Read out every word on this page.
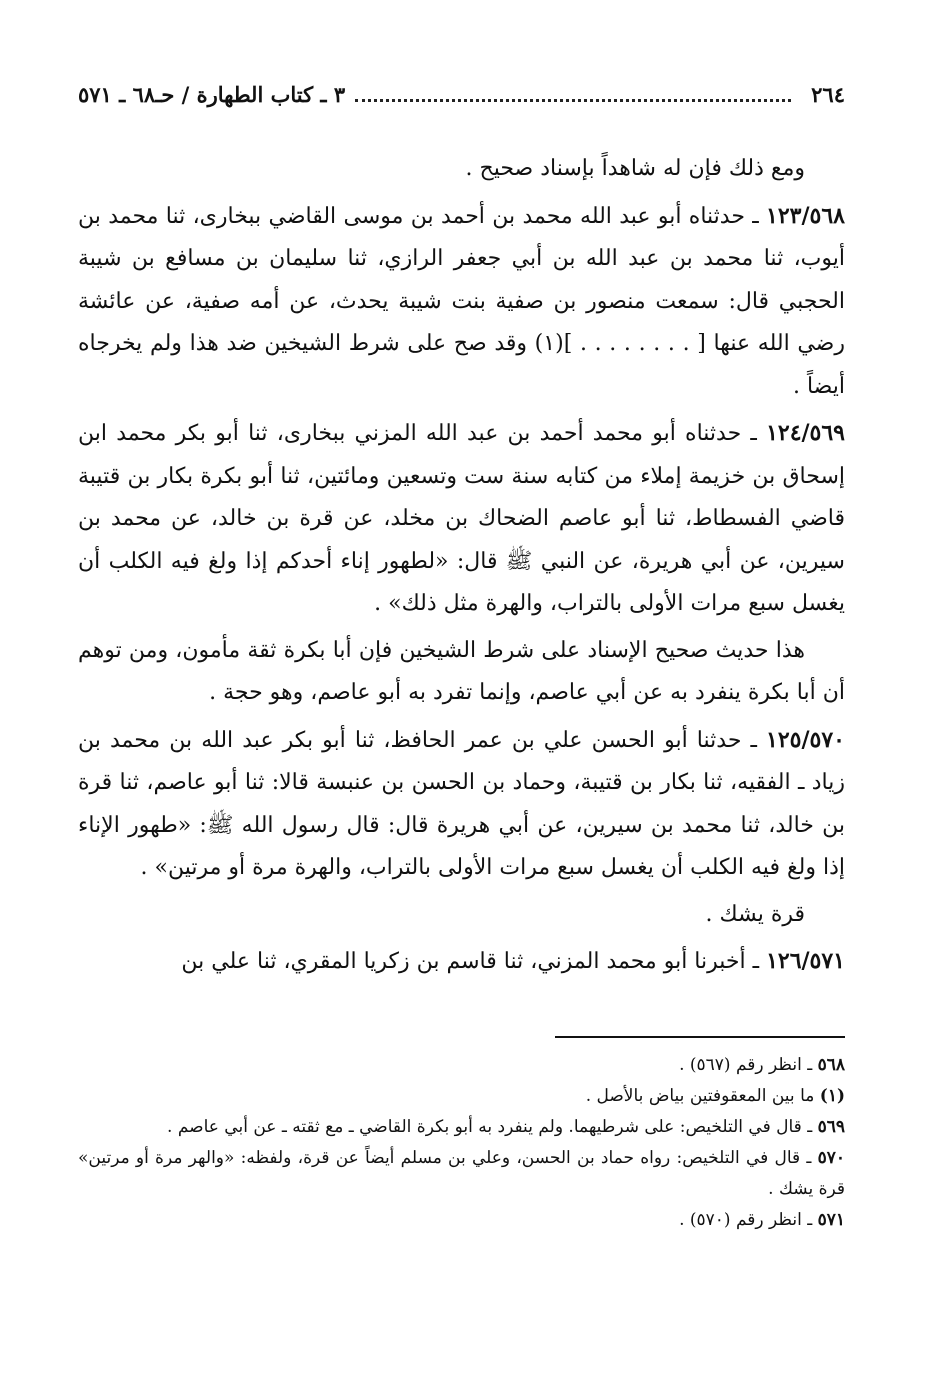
٢٦٤
٣ ـ كتاب الطهارة / حـ٦٨ ـ ٥٧١

ومع ذلك فإن له شاهداً بإسناد صحيح .

١٢٣/٥٦٨ ـ حدثناه أبو عبد الله محمد بن أحمد بن موسى القاضي ببخارى، ثنا محمد بن أيوب، ثنا محمد بن عبد الله بن أبي جعفر الرازي، ثنا سليمان بن مسافع بن شيبة الحجبي قال: سمعت منصور بن صفية بنت شيبة يحدث، عن أمه صفية، عن عائشة رضي الله عنها [ . . . . . . . . ](١) وقد صح على شرط الشيخين ضد هذا ولم يخرجاه أيضاً .

١٢٤/٥٦٩ ـ حدثناه أبو محمد أحمد بن عبد الله المزني ببخارى، ثنا أبو بكر محمد ابن إسحاق بن خزيمة إملاء من كتابه سنة ست وتسعين ومائتين، ثنا أبو بكرة بكار بن قتيبة قاضي الفسطاط، ثنا أبو عاصم الضحاك بن مخلد، عن قرة بن خالد، عن محمد بن سيرين، عن أبي هريرة، عن النبي ﷺ قال: «لطهور إناء أحدكم إذا ولغ فيه الكلب أن يغسل سبع مرات الأولى بالتراب، والهرة مثل ذلك» .

هذا حديث صحيح الإسناد على شرط الشيخين فإن أبا بكرة ثقة مأمون، ومن توهم أن أبا بكرة ينفرد به عن أبي عاصم، وإنما تفرد به أبو عاصم، وهو حجة .

١٢٥/٥٧٠ ـ حدثنا أبو الحسن علي بن عمر الحافظ، ثنا أبو بكر عبد الله بن محمد بن زياد ـ الفقيه، ثنا بكار بن قتيبة، وحماد بن الحسن بن عنبسة قالا: ثنا أبو عاصم، ثنا قرة بن خالد، ثنا محمد بن سيرين، عن أبي هريرة قال: قال رسول الله ﷺ: «طهور الإناء إذا ولغ فيه الكلب أن يغسل سبع مرات الأولى بالتراب، والهرة مرة أو مرتين» .

قرة يشك .

١٢٦/٥٧١ ـ أخبرنا أبو محمد المزني، ثنا قاسم بن زكريا المقري، ثنا علي بن

٥٦٨ ـ انظر رقم (٥٦٧) .

(١) ما بين المعقوفتين بياض بالأصل .

٥٦٩ ـ قال في التلخيص: على شرطيهما. ولم ينفرد به أبو بكرة القاضي ـ مع ثقته ـ عن أبي عاصم .

٥٧٠ ـ قال في التلخيص: رواه حماد بن الحسن، وعلي بن مسلم أيضاً عن قرة، ولفظه: «والهر مرة أو مرتين» قرة يشك .

٥٧١ ـ انظر رقم (٥٧٠) .
